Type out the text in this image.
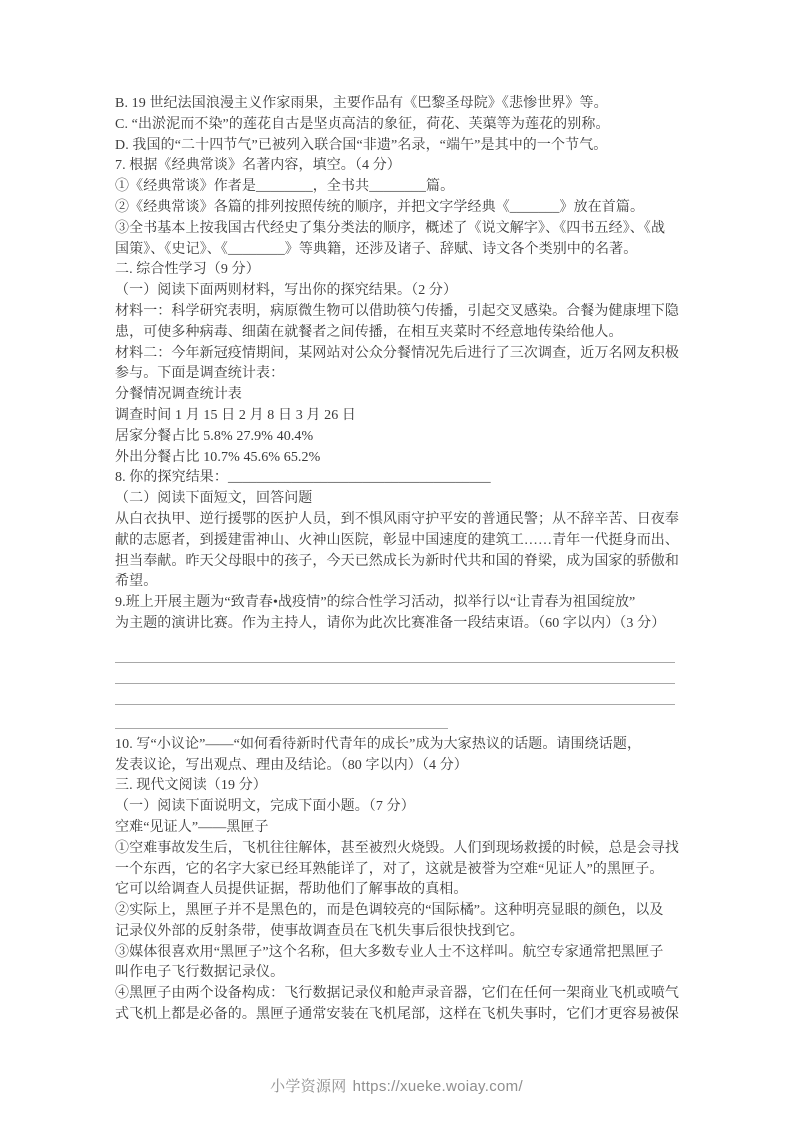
B. 19 世纪法国浪漫主义作家雨果，主要作品有《巴黎圣母院》《悲惨世界》等。
C. “出淤泥而不染”的莲花自古是坚贞高洁的象征，荷花、芙蕖等为莲花的别称。
D. 我国的“二十四节气”已被列入联合国“非遗”名录，“端午”是其中的一个节气。
7. 根据《经典常谈》名著内容，填空。（4 分）
①《经典常谈》作者是________，全书共________篇。
②《经典常谈》各篇的排列按照传统的顺序，并把文字学经典《_______》放在首篇。
③全书基本上按我国古代经史了集分类法的顺序，概述了《说文解字》、《四书五经》、《战
国策》、《史记》、《________》等典籍，还涉及诸子、辞赋、诗文各个类别中的名著。
二. 综合性学习（9 分）
（一）阅读下面两则材料，写出你的探究结果。（2 分）
材料一：科学研究表明，病原微生物可以借助筷勺传播，引起交叉感染。合餐为健康埋下隐
患，可使多种病毒、细菌在就餐者之间传播，在相互夹菜时不经意地传染给他人。
材料二：今年新冠疫情期间，某网站对公众分餐情况先后进行了三次调查，近万名网友积极
参与。下面是调查统计表：
分餐情况调查统计表
调查时间 1 月 15 日 2 月 8 日 3 月 26 日
居家分餐占比 5.8% 27.9% 40.4%
外出分餐占比 10.7% 45.6% 65.2%
8. 你的探究结果：_____________________________________
（二）阅读下面短文，回答问题
从白衣执甲、逆行援鄂的医护人员，到不惧风雨守护平安的普通民警；从不辞辛苦、日夜奉
献的志愿者，到援建雷神山、火神山医院，彰显中国速度的建筑工……青年一代挺身而出、
担当奉献。昨天父母眼中的孩子，今天已然成长为新时代共和国的脊梁，成为国家的骄傲和
希望。
9.班上开展主题为“致青春•战疫情”的综合性学习活动，拟举行以“让青春为祖国绽放”
为主题的演讲比赛。作为主持人，请你为此次比赛准备一段结束语。（60 字以内）（3 分）
10. 写“小议论”——“如何看待新时代青年的成长”成为大家热议的话题。请围绕话题，
发表议论，写出观点、理由及结论。（80 字以内）（4 分）
三. 现代文阅读（19 分）
（一）阅读下面说明文，完成下面小题。（7 分）
空难“见证人”——黑匣子
①空难事故发生后，飞机往往解体，甚至被烈火烧毁。人们到现场救援的时候，总是会寻找
一个东西，它的名字大家已经耳熟能详了，对了，这就是被誉为空难“见证人”的黑匣子。
它可以给调查人员提供证据，帮助他们了解事故的真相。
②实际上，黑匣子并不是黑色的，而是色调较亮的“国际橘”。这种明亮显眼的颜色，以及
记录仪外部的反射条带，使事故调查员在飞机失事后很快找到它。
③媒体很喜欢用“黑匣子”这个名称，但大多数专业人士不这样叫。航空专家通常把黑匣子
叫作电子飞行数据记录仪。
④黑匣子由两个设备构成：飞行数据记录仪和舱声录音器，它们在任何一架商业飞机或喷气
式飞机上都是必备的。黑匣子通常安装在飞机尾部，这样在飞机失事时，它们才更容易被保
小学资源网 https://xueke.woiay.com/
